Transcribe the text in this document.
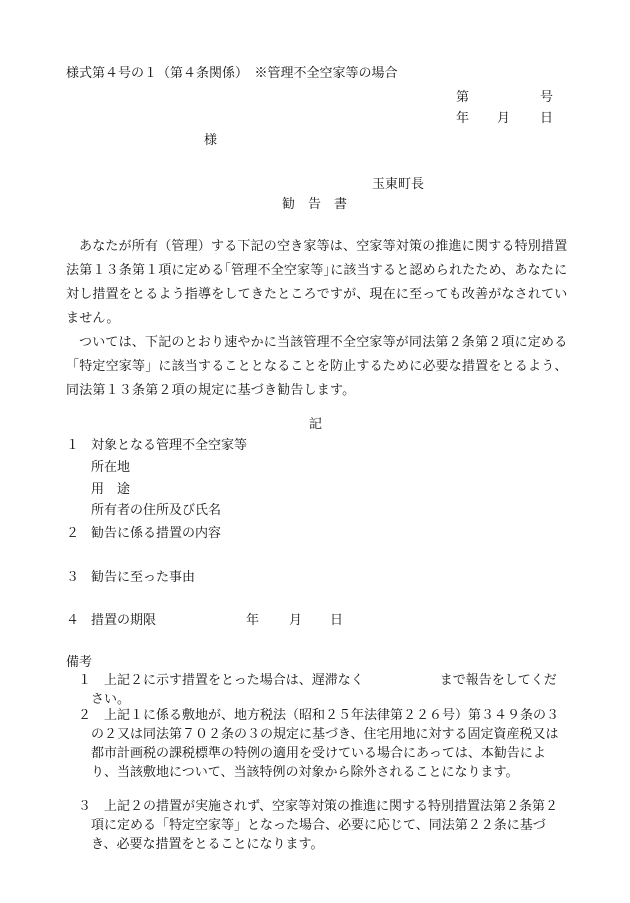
様式第４号の１（第４条関係）　※管理不全空家等の場合
第	号
年 月 日
様
玉東町長
勧　告　書
あなたが所有（管理）する下記の空き家等は、空家等対策の推進に関する特別措置法第１３条第１項に定める｢管理不全空家等｣に該当すると認められたため、あなたに対し措置をとるよう指導をしてきたところですが、現在に至っても改善がなされていません。
ついては、下記のとおり速やかに当該管理不全空家等が同法第２条第２項に定める「特定空家等」に該当することとなることを防止するために必要な措置をとるよう、同法第１３条第２項の規定に基づき勧告します。
記
１ 対象となる管理不全空家等
所在地
用　途
所有者の住所及び氏名
２ 勧告に係る措置の内容
３ 勧告に至った事由
４ 措置の期限	年 月 日
備考
１ 上記２に示す措置をとった場合は、遅滞なく	まで報告をしてください。
２ 上記１に係る敷地が、地方税法（昭和２５年法律第２２６号）第３４９条の３の２又は同法第７０２条の３の規定に基づき、住宅用地に対する固定資産税又は都市計画税の課税標準の特例の適用を受けている場合にあっては、本勧告により、当該敷地について、当該特例の対象から除外されることになります。
３ 上記２の措置が実施されず、空家等対策の推進に関する特別措置法第２条第２項に定める「特定空家等」となった場合、必要に応じて、同法第２２条に基づき、必要な措置をとることになります。
